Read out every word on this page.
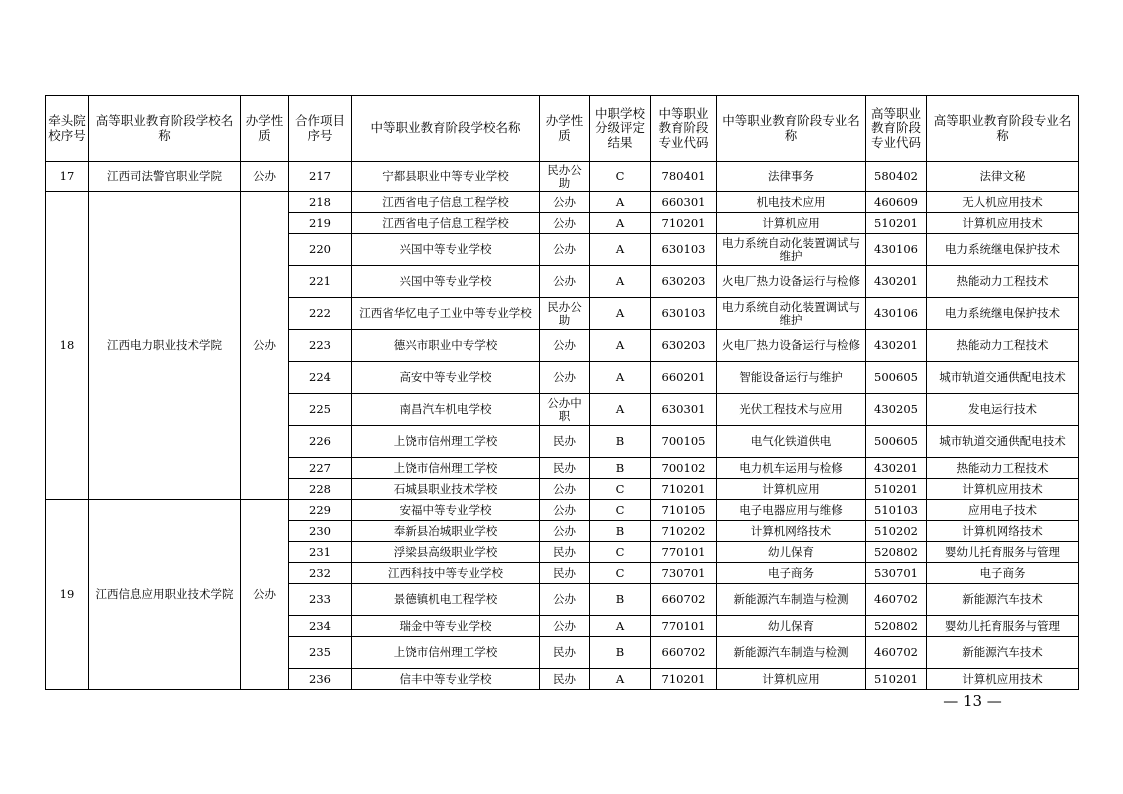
牵头院校序号	高等职业教育阶段学校名称	办学性质	合作项目序号	中等职业教育阶段学校名称	办学性质	中职学校分级评定结果	中等职业教育阶段专业代码	中等职业教育阶段专业名称	高等职业教育阶段专业代码	高等职业教育阶段专业名称
17	江西司法警官职业学院	公办	217	宁都县职业中等专业学校	民办公助	C	780401	法律事务	580402	法律文秘
18	江西电力职业技术学院	公办	218	江西省电子信息工程学校	公办	A	660301	机电技术应用	460609	无人机应用技术
			219	江西省电子信息工程学校	公办	A	710201	计算机应用	510201	计算机应用技术
			220	兴国中等专业学校	公办	A	630103	电力系统自动化装置调试与维护	430106	电力系统继电保护技术
			221	兴国中等专业学校	公办	A	630203	火电厂热力设备运行与检修	430201	热能动力工程技术
			222	江西省华忆电子工业中等专业学校	民办公助	A	630103	电力系统自动化装置调试与维护	430106	电力系统继电保护技术
			223	德兴市职业中专学校	公办	A	630203	火电厂热力设备运行与检修	430201	热能动力工程技术
			224	高安中等专业学校	公办	A	660201	智能设备运行与维护	500605	城市轨道交通供配电技术
			225	南昌汽车机电学校	公办中职	A	630301	光伏工程技术与应用	430205	发电运行技术
			226	上饶市信州理工学校	民办	B	700105	电气化铁道供电	500605	城市轨道交通供配电技术
			227	上饶市信州理工学校	民办	B	700102	电力机车运用与检修	430201	热能动力工程技术
			228	石城县职业技术学校	公办	C	710201	计算机应用	510201	计算机应用技术
19	江西信息应用职业技术学院	公办	229	安福中等专业学校	公办	C	710105	电子电器应用与维修	510103	应用电子技术
			230	奉新县冶城职业学校	公办	B	710202	计算机网络技术	510202	计算机网络技术
			231	浮梁县高级职业学校	民办	C	770101	幼儿保育	520802	婴幼儿托育服务与管理
			232	江西科技中等专业学校	民办	C	730701	电子商务	530701	电子商务
			233	景德镇机电工程学校	公办	B	660702	新能源汽车制造与检测	460702	新能源汽车技术
			234	瑞金中等专业学校	公办	A	770101	幼儿保育	520802	婴幼儿托育服务与管理
			235	上饶市信州理工学校	民办	B	660702	新能源汽车制造与检测	460702	新能源汽车技术
			236	信丰中等专业学校	民办	A	710201	计算机应用	510201	计算机应用技术
— 13 —
